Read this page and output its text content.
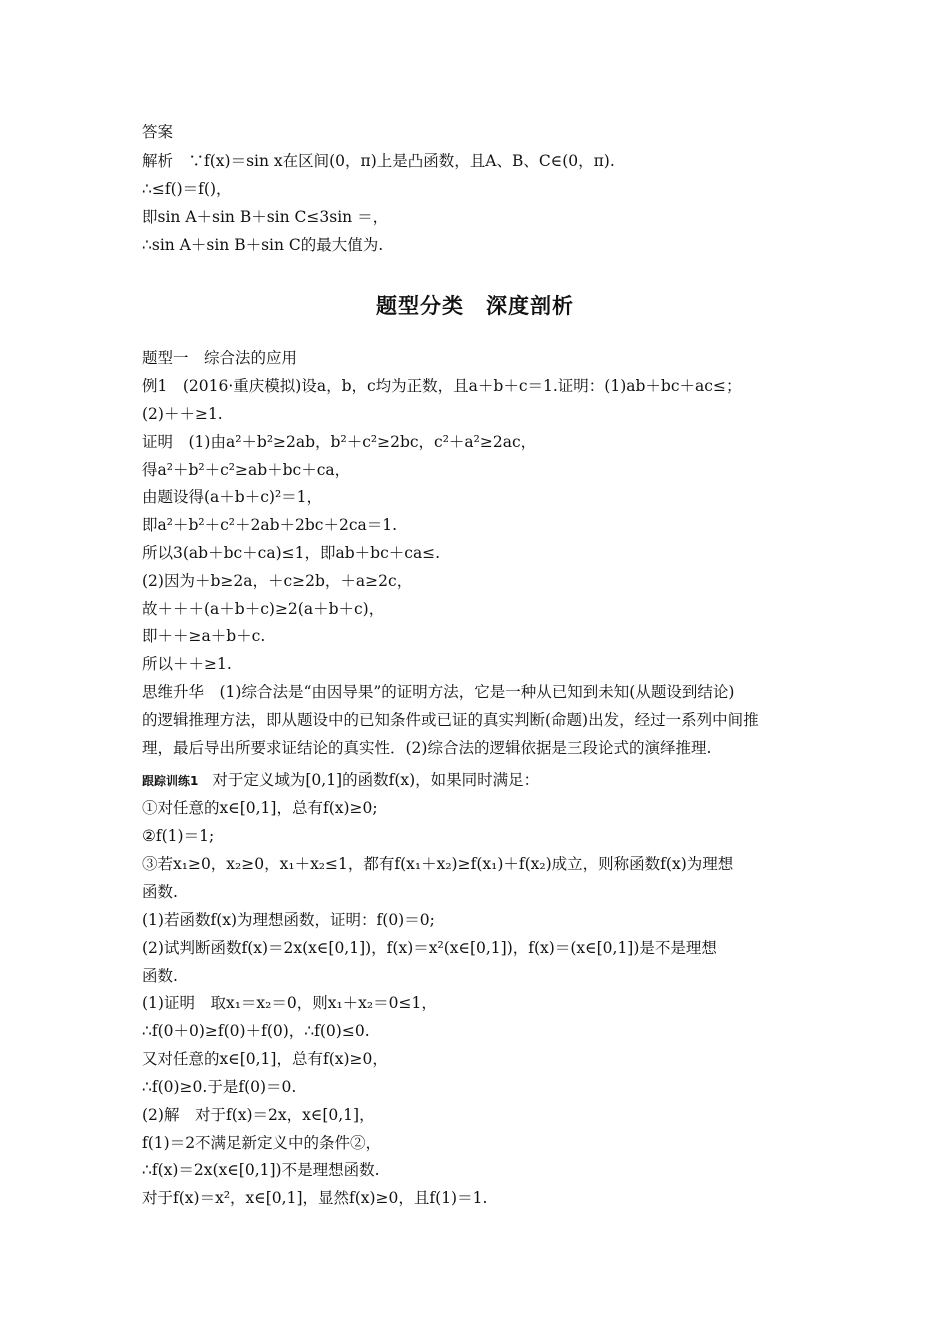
答案
解析　∵f(x)＝sin x在区间(0，π)上是凸函数，且A、B、C∈(0，π).
∴≤f()＝f()，
即sin A＋sin B＋sin C≤3sin ＝，
∴sin A＋sin B＋sin C的最大值为.
题型分类　深度剖析
题型一　综合法的应用
例1　(2016·重庆模拟)设a，b，c均为正数，且a＋b＋c＝1.证明：(1)ab＋bc＋ac≤；
(2)＋＋≥1.
证明　(1)由a²＋b²≥2ab，b²＋c²≥2bc，c²＋a²≥2ac，
得a²＋b²＋c²≥ab＋bc＋ca，
由题设得(a＋b＋c)²＝1，
即a²＋b²＋c²＋2ab＋2bc＋2ca＝1.
所以3(ab＋bc＋ca)≤1，即ab＋bc＋ca≤.
(2)因为＋b≥2a，＋c≥2b，＋a≥2c，
故＋＋＋(a＋b＋c)≥2(a＋b＋c)，
即＋＋≥a＋b＋c.
所以＋＋≥1.
思维升华　(1)综合法是“由因导果”的证明方法，它是一种从已知到未知(从题设到结论)
的逻辑推理方法，即从题设中的已知条件或已证的真实判断(命题)出发，经过一系列中间推
理，最后导出所要求证结论的真实性．(2)综合法的逻辑依据是三段论式的演绎推理.
跟踪训练1 对于定义域为[0,1]的函数f(x)，如果同时满足：
①对任意的x∈[0,1]，总有f(x)≥0;
②f(1)＝1;
③若x₁≥0，x₂≥0，x₁＋x₂≤1，都有f(x₁＋x₂)≥f(x₁)＋f(x₂)成立，则称函数f(x)为理想
函数.
(1)若函数f(x)为理想函数，证明：f(0)＝0;
(2)试判断函数f(x)＝2x(x∈[0,1])，f(x)＝x²(x∈[0,1])，f(x)＝(x∈[0,1])是不是理想
函数.
(1)证明　取x₁＝x₂＝0，则x₁＋x₂＝0≤1，
∴f(0＋0)≥f(0)＋f(0)，∴f(0)≤0.
又对任意的x∈[0,1]，总有f(x)≥0，
∴f(0)≥0.于是f(0)＝0.
(2)解　对于f(x)＝2x，x∈[0,1]，
f(1)＝2不满足新定义中的条件②，
∴f(x)＝2x(x∈[0,1])不是理想函数.
对于f(x)＝x²，x∈[0,1]，显然f(x)≥0，且f(1)＝1.
